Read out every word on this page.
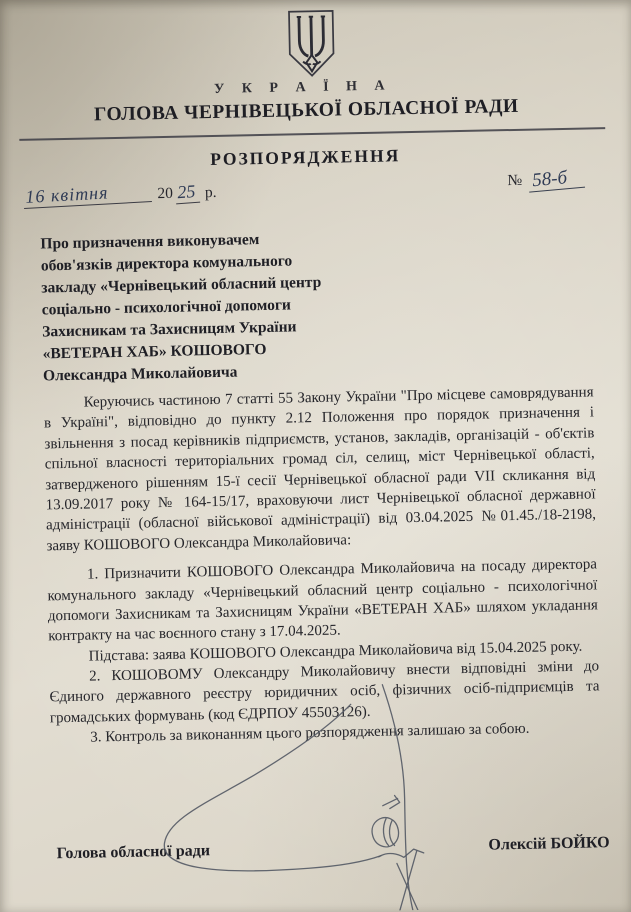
У К Р А Ї Н А
ГОЛОВА ЧЕРНІВЕЦЬКОЇ ОБЛАСНОЇ РАДИ
РОЗПОРЯДЖЕННЯ
16 квітня	20 25 р.
№ 58-б
Про призначення виконувачем
обов'язків директора комунального
закладу «Чернівецький обласний центр
соціально - психологічної допомоги
Захисникам та Захисницям України
«ВЕТЕРАН ХАБ» КОШОВОГО
Олександра Миколайовича

Керуючись частиною 7 статті 55 Закону України "Про місцеве самоврядування в Україні", відповідно до пункту 2.12 Положення про порядок призначення і звільнення з посад керівників підприємств, установ, закладів, організацій - об'єктів спільної власності територіальних громад сіл, селищ, міст Чернівецької області, затвердженого рішенням 15-ї сесії Чернівецької обласної ради VII скликання від 13.09.2017 року № 164-15/17, враховуючи лист Чернівецької обласної державної адміністрації (обласної військової адміністрації) від 03.04.2025 №01.45./18-2198, заяву КОШОВОГО Олександра Миколайовича:

1. Призначити КОШОВОГО Олександра Миколайовича на посаду директора комунального закладу «Чернівецький обласний центр соціально - психологічної допомоги Захисникам та Захисницям України «ВЕТЕРАН ХАБ» шляхом укладання контракту на час воєнного стану з 17.04.2025.

Підстава: заява КОШОВОГО Олександра Миколайовича від 15.04.2025 року.

2. КОШОВОМУ Олександру Миколайовичу внести відповідні зміни до Єдиного державного реєстру юридичних осіб, фізичних осіб-підприємців та громадських формувань (код ЄДРПОУ 45503126).

3. Контроль за виконанням цього розпорядження залишаю за собою.

Голова обласної ради	Олексій БОЙКО
